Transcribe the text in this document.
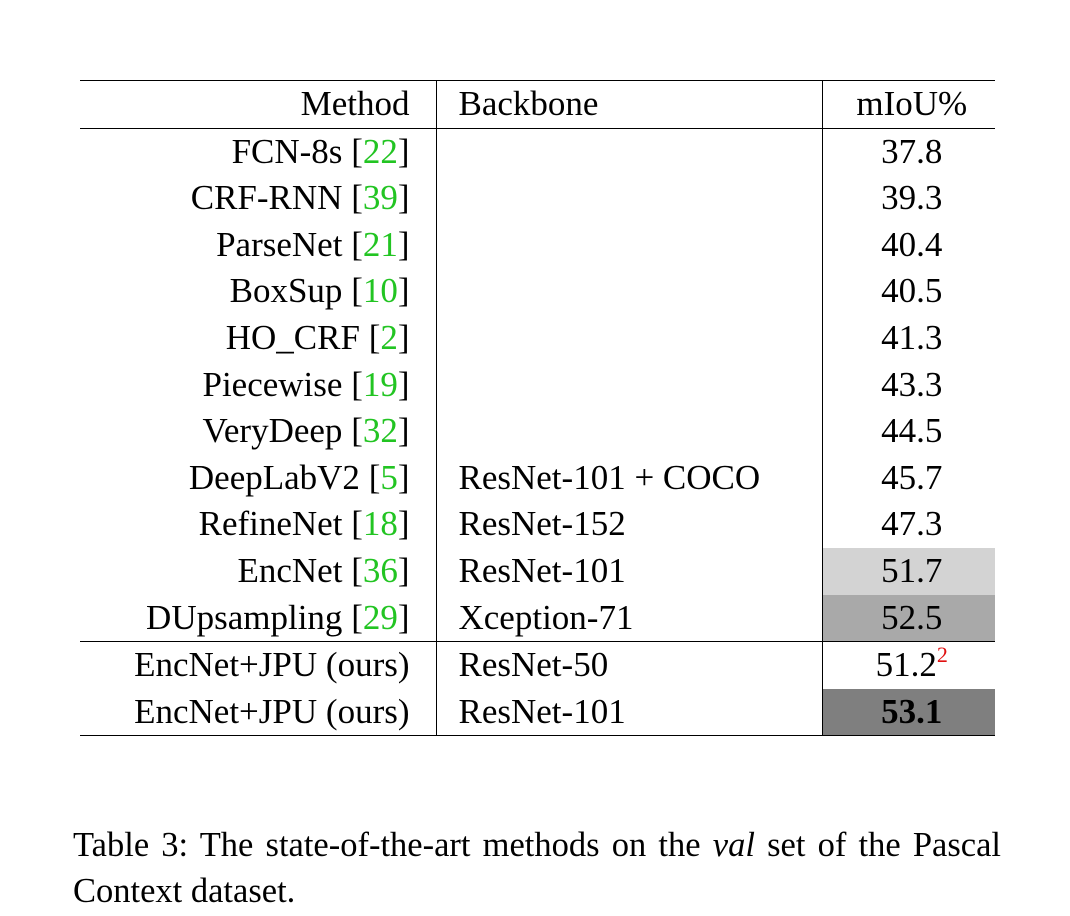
Method	Backbone	mIoU%
FCN-8s [22]		37.8
CRF-RNN [39]		39.3
ParseNet [21]		40.4
BoxSup [10]		40.5
HO_CRF [2]		41.3
Piecewise [19]		43.3
VeryDeep [32]		44.5
DeepLabV2 [5]	ResNet-101 + COCO	45.7
RefineNet [18]	ResNet-152	47.3
EncNet [36]	ResNet-101	51.7
DUpsampling [29]	Xception-71	52.5
EncNet+JPU (ours)	ResNet-50	51.2$^2$
EncNet+JPU (ours)	ResNet-101	53.1
Table 3: The state-of-the-art methods on the val set of the Pascal Context dataset.
